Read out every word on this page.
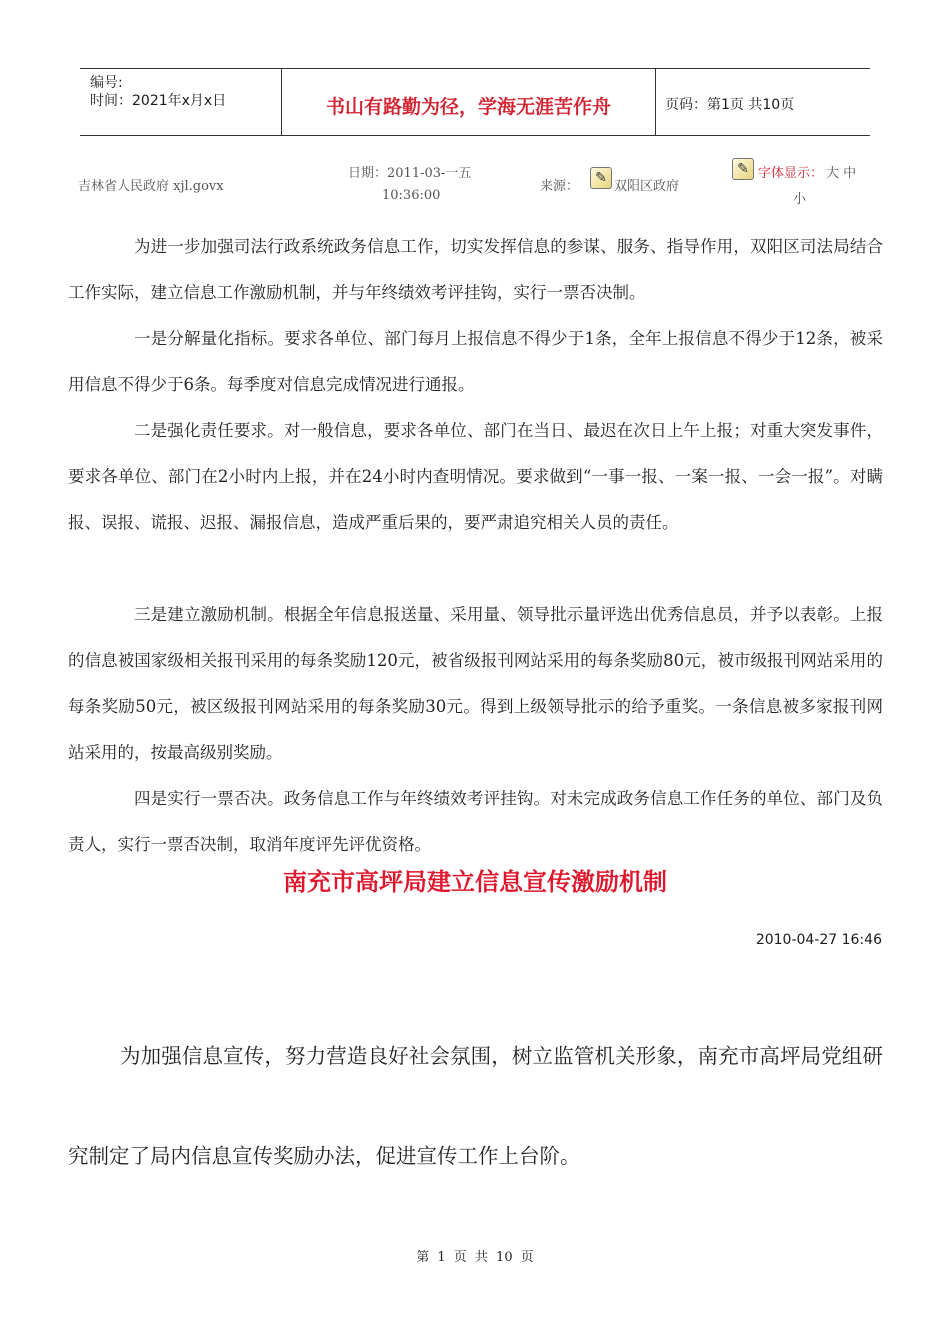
编号:
时间：2021年x月x日	书山有路勤为径，学海无涯苦作舟	页码：第1页 共10页
吉林省人民政府 xjl.govx
日期：2011-03-一五
10:36:00
来源：
✎
双阳区政府
✎ 字体显示： 大 中
小

为进一步加强司法行政系统政务信息工作，切实发挥信息的参谋、服务、指导作用，双阳区司法局结合工作实际，建立信息工作激励机制，并与年终绩效考评挂钩，实行一票否决制。

一是分解量化指标。要求各单位、部门每月上报信息不得少于1条，全年上报信息不得少于12条，被采用信息不得少于6条。每季度对信息完成情况进行通报。

二是强化责任要求。对一般信息，要求各单位、部门在当日、最迟在次日上午上报；对重大突发事件，要求各单位、部门在2小时内上报，并在24小时内查明情况。要求做到“一事一报、一案一报、一会一报”。对瞒报、误报、谎报、迟报、漏报信息，造成严重后果的，要严肃追究相关人员的责任。

三是建立激励机制。根据全年信息报送量、采用量、领导批示量评选出优秀信息员，并予以表彰。上报的信息被国家级相关报刊采用的每条奖励120元，被省级报刊网站采用的每条奖励80元，被市级报刊网站采用的每条奖励50元，被区级报刊网站采用的每条奖励30元。得到上级领导批示的给予重奖。一条信息被多家报刊网站采用的，按最高级别奖励。

四是实行一票否决。政务信息工作与年终绩效考评挂钩。对未完成政务信息工作任务的单位、部门及负责人，实行一票否决制，取消年度评先评优资格。

南充市高坪局建立信息宣传激励机制
2010-04-27 16:46

为加强信息宣传，努力营造良好社会氛围，树立监管机关形象，南充市高坪局党组研究制定了局内信息宣传奖励办法，促进宣传工作上台阶。

第 1 页 共 10 页
